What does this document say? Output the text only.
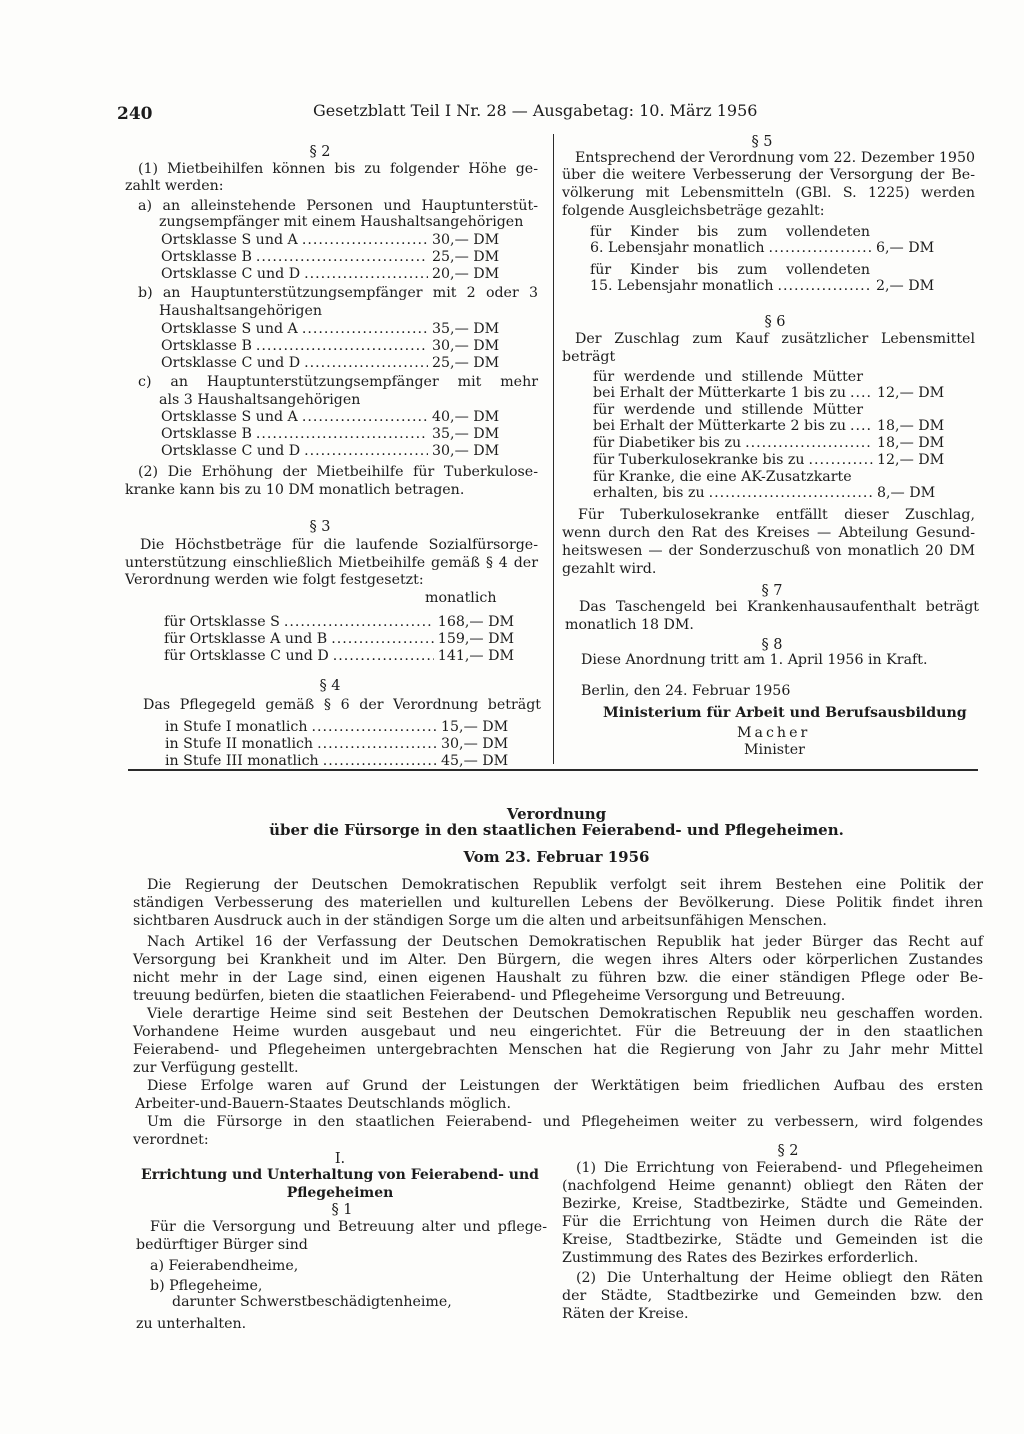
240	Gesetzblatt Teil I Nr. 28 — Ausgabetag: 10. März 1956
§ 2
(1) Mietbeihilfen können bis zu folgender Höhe ge-
zahlt werden:
a) an alleinstehende Personen und Hauptunterstüt-
zungsempfänger mit einem Haushaltsangehörigen
Ortsklasse S und A .....	30,— DM
Ortsklasse B .....	25,— DM
Ortsklasse C und D .....	20,— DM
b) an Hauptunterstützungsempfänger mit 2 oder 3
Haushaltsangehörigen
Ortsklasse S und A .....	35,— DM
Ortsklasse B .....	30,— DM
Ortsklasse C und D .....	25,— DM
c) an Hauptunterstützungsempfänger mit mehr
als 3 Haushaltsangehörigen
Ortsklasse S und A .....	40,— DM
Ortsklasse B .....	35,— DM
Ortsklasse C und D .....	30,— DM
(2) Die Erhöhung der Mietbeihilfe für Tuberkulose-
kranke kann bis zu 10 DM monatlich betragen.
§ 3
Die Höchstbeträge für die laufende Sozialfürsorge-
unterstützung einschließlich Mietbeihilfe gemäß § 4 der
Verordnung werden wie folgt festgesetzt:
monatlich
für Ortsklasse S .....	168,— DM
für Ortsklasse A und B .....	159,— DM
für Ortsklasse C und D .....	141,— DM
§ 4
Das Pflegegeld gemäß § 6 der Verordnung beträgt
in Stufe I monatlich .....	15,— DM
in Stufe II monatlich .....	30,— DM
in Stufe III monatlich .....	45,— DM
§ 5
Entsprechend der Verordnung vom 22. Dezember 1950
über die weitere Verbesserung der Versorgung der Be-
völkerung mit Lebensmitteln (GBl. S. 1225) werden
folgende Ausgleichsbeträge gezahlt:
für Kinder bis zum vollendeten
6. Lebensjahr monatlich .....	6,— DM
für Kinder bis zum vollendeten
15. Lebensjahr monatlich .....	2,— DM
§ 6
Der Zuschlag zum Kauf zusätzlicher Lebensmittel
beträgt
für werdende und stillende Mütter
bei Erhalt der Mütterkarte 1 bis zu ..... 12,— DM
für werdende und stillende Mütter
bei Erhalt der Mütterkarte 2 bis zu ..... 18,— DM
für Diabetiker bis zu .....	18,— DM
für Tuberkulosekranke bis zu .....	12,— DM
für Kranke, die eine AK-Zusatzkarte
erhalten, bis zu .....	8,— DM
Für Tuberkulosekranke entfällt dieser Zuschlag,
wenn durch den Rat des Kreises — Abteilung Gesund-
heitswesen — der Sonderzuschuß von monatlich 20 DM
gezahlt wird.
§ 7
Das Taschengeld bei Krankenhausaufenthalt beträgt
monatlich 18 DM.
§ 8
Diese Anordnung tritt am 1. April 1956 in Kraft.
Berlin, den 24. Februar 1956
Ministerium für Arbeit und Berufsausbildung
Macher
Minister
Verordnung
über die Fürsorge in den staatlichen Feierabend- und Pflegeheimen.
Vom 23. Februar 1956
Die Regierung der Deutschen Demokratischen Republik verfolgt seit ihrem Bestehen eine Politik der
ständigen Verbesserung des materiellen und kulturellen Lebens der Bevölkerung. Diese Politik findet ihren
sichtbaren Ausdruck auch in der ständigen Sorge um die alten und arbeitsunfähigen Menschen.
Nach Artikel 16 der Verfassung der Deutschen Demokratischen Republik hat jeder Bürger das Recht auf
Versorgung bei Krankheit und im Alter. Den Bürgern, die wegen ihres Alters oder körperlichen Zustandes
nicht mehr in der Lage sind, einen eigenen Haushalt zu führen bzw. die einer ständigen Pflege oder Be-
treuung bedürfen, bieten die staatlichen Feierabend- und Pflegeheime Versorgung und Betreuung.
Viele derartige Heime sind seit Bestehen der Deutschen Demokratischen Republik neu geschaffen worden.
Vorhandene Heime wurden ausgebaut und neu eingerichtet. Für die Betreuung der in den staatlichen
Feierabend- und Pflegeheimen untergebrachten Menschen hat die Regierung von Jahr zu Jahr mehr Mittel
zur Verfügung gestellt.
Diese Erfolge waren auf Grund der Leistungen der Werktätigen beim friedlichen Aufbau des ersten
Arbeiter-und-Bauern-Staates Deutschlands möglich.
Um die Fürsorge in den staatlichen Feierabend- und Pflegeheimen weiter zu verbessern, wird folgendes
verordnet:
I.
Errichtung und Unterhaltung von Feierabend- und
Pflegeheimen
§ 1
Für die Versorgung und Betreuung alter und pflege-
bedürftiger Bürger sind
a) Feierabendheime,
b) Pflegeheime,
darunter Schwerstbeschädigtenheime,
zu unterhalten.
§ 2
(1) Die Errichtung von Feierabend- und Pflegeheimen
(nachfolgend Heime genannt) obliegt den Räten der
Bezirke, Kreise, Stadtbezirke, Städte und Gemeinden.
Für die Errichtung von Heimen durch die Räte der
Kreise, Stadtbezirke, Städte und Gemeinden ist die
Zustimmung des Rates des Bezirkes erforderlich.
(2) Die Unterhaltung der Heime obliegt den Räten
der Städte, Stadtbezirke und Gemeinden bzw. den
Räten der Kreise.
